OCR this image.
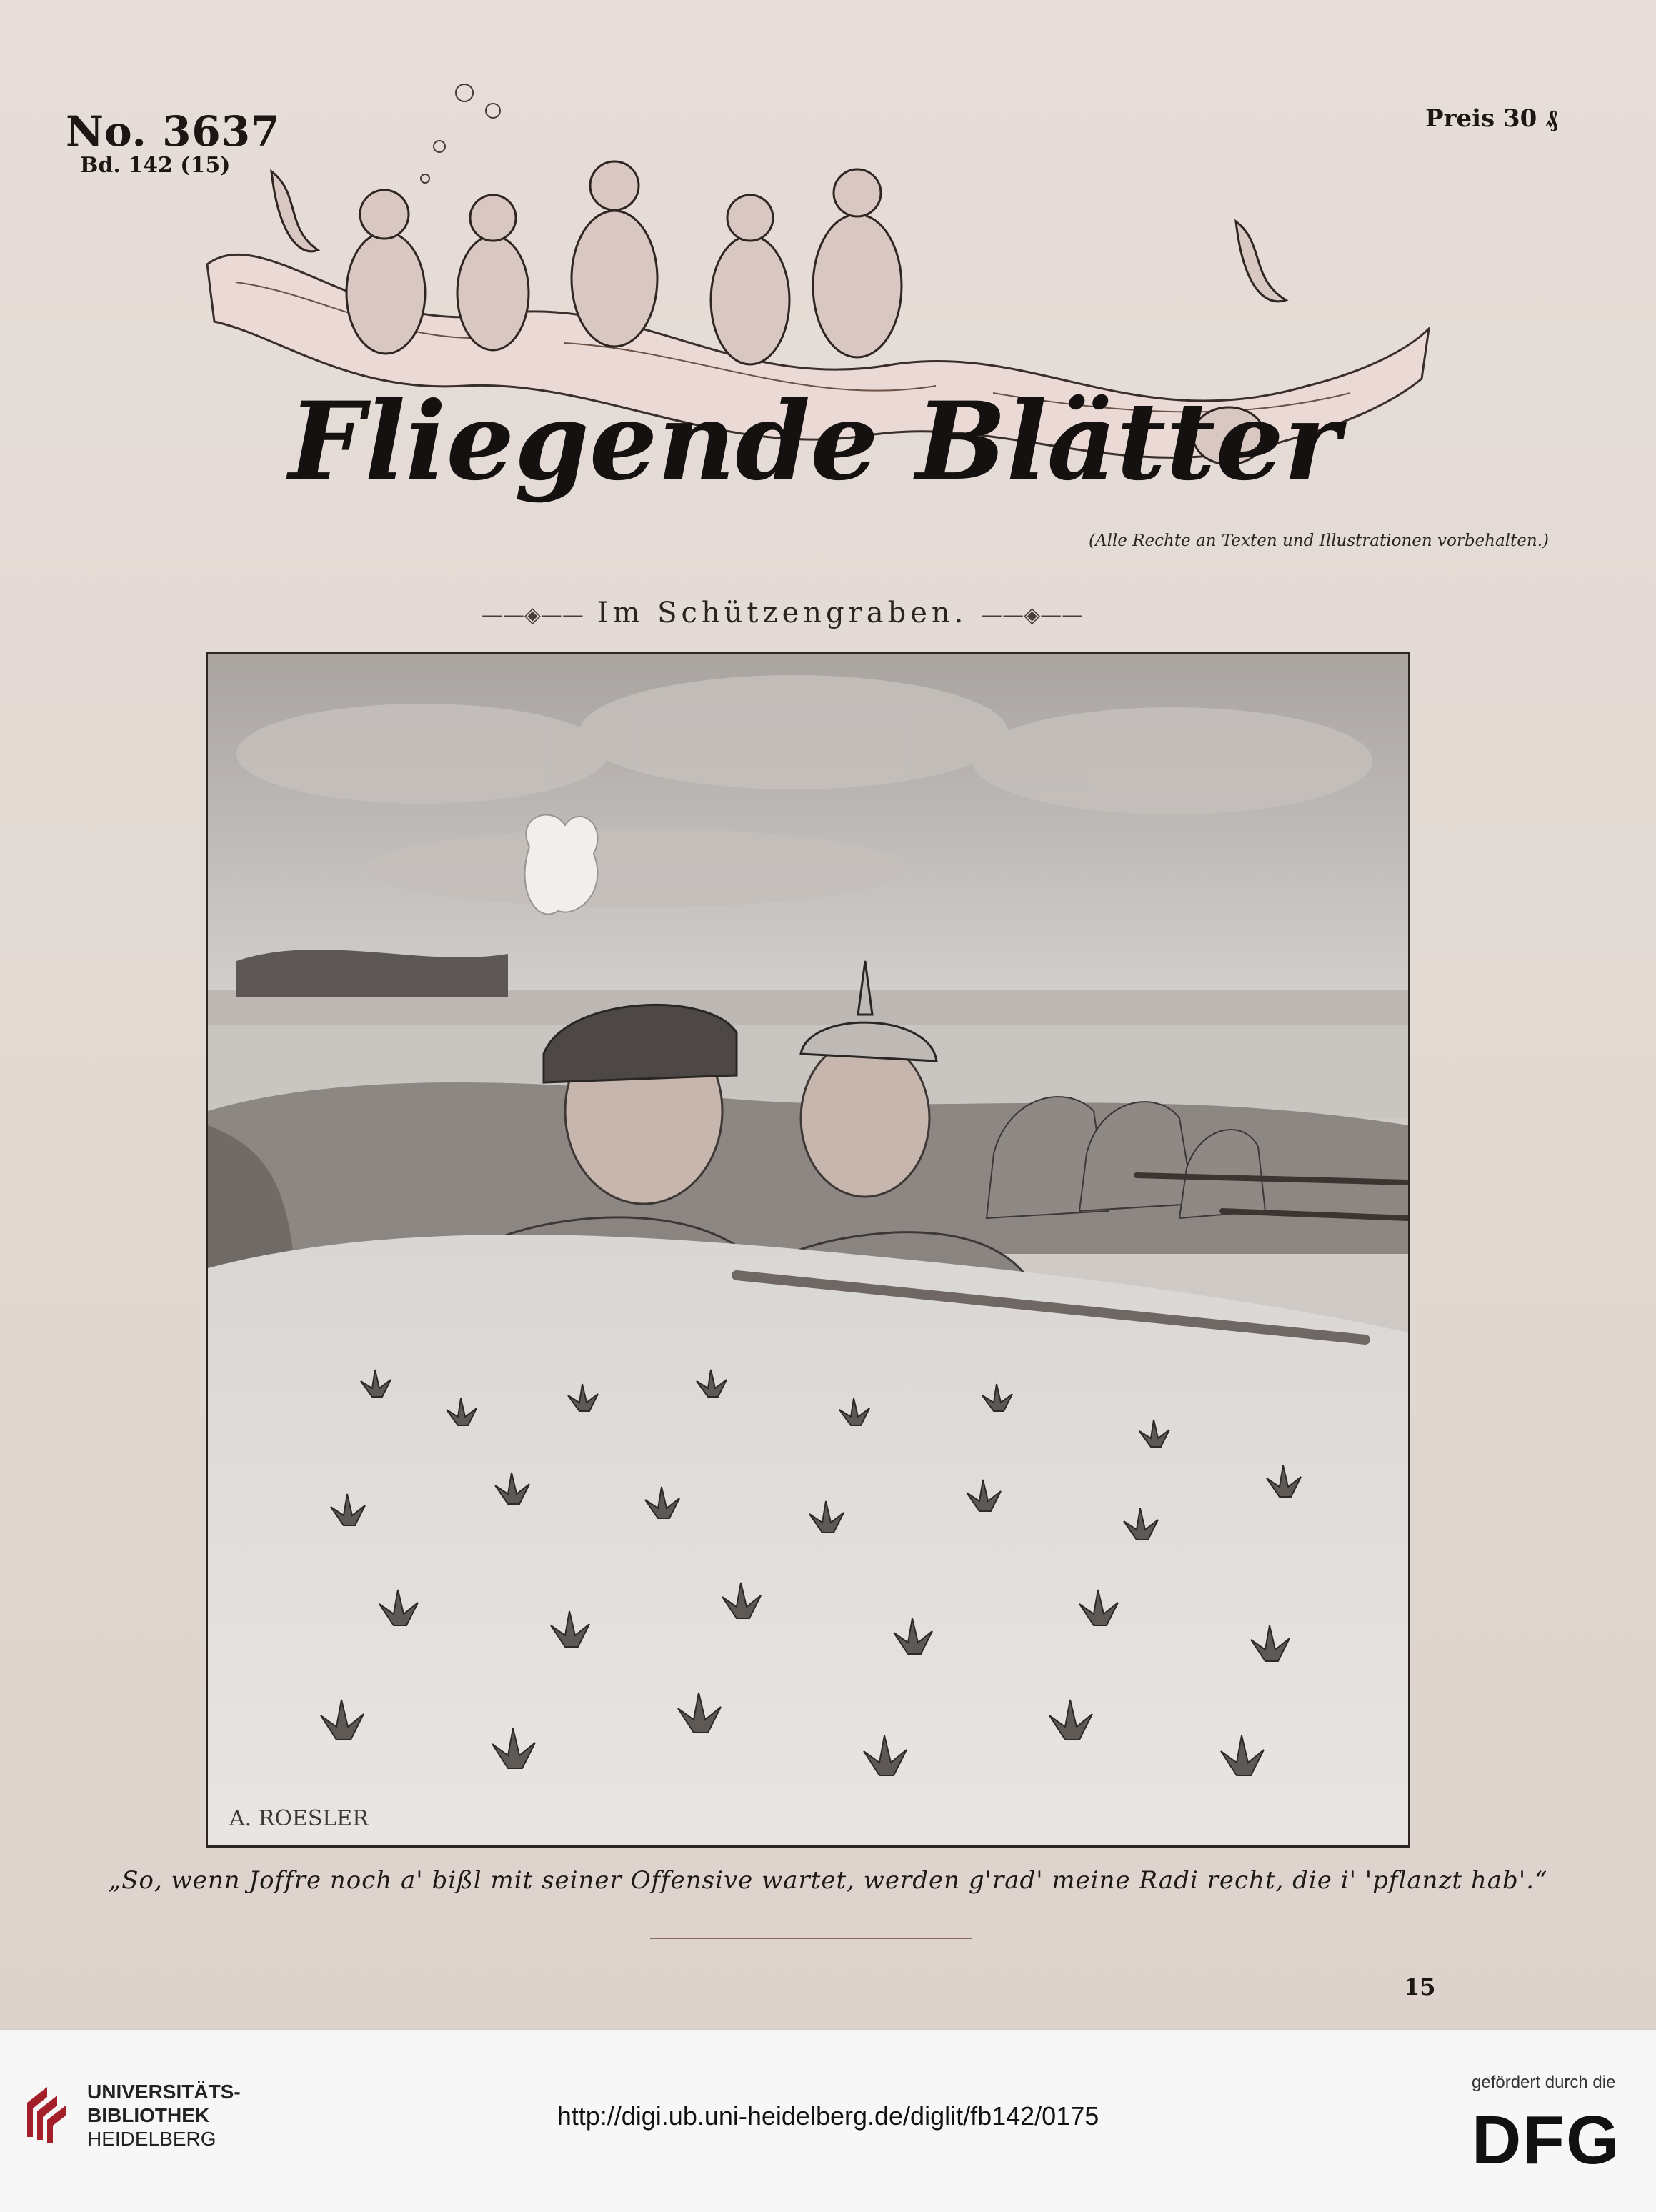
No. 3637
Bd. 142 (15)
Preis 30 ₰
Fliegende Blätter
(Alle Rechte an Texten und Illustrationen vorbehalten.)
——◈—— Im Schützengraben. ——◈——
A. ROESLER
„So, wenn Joffre noch a' bißl mit seiner Offensive wartet, werden g'rad' meine Radi recht, die i' 'pflanzt hab'.“
15
UNIVERSITÄTS-
BIBLIOTHEK
HEIDELBERG
http://digi.ub.uni-heidelberg.de/diglit/fb142/0175
gefördert durch die
DFG
